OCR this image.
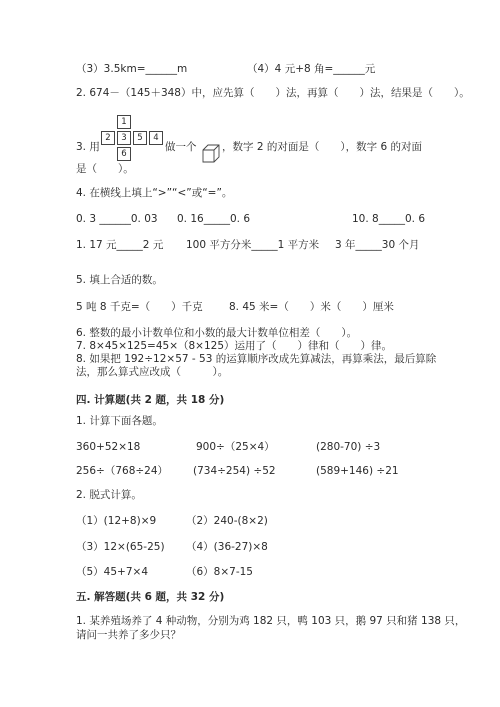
（3）3.5km=______m	（4）4 元+8 角=______元
2. 674－（145＋348）中，应先算（　　）法，再算（　　）法，结果是（　　）。
3. 用
1
2	3	5	4
6
做一个 ，数字 2 的对面是（　　），数字 6 的对面
是（　　）。
4. 在横线上填上“>”“<”或“=”。
0. 3 ______0. 03 0. 16_____0. 6	10. 8_____0. 6
1. 17 元_____2 元 100 平方分米_____1 平方米 3 年_____30 个月
5. 填上合适的数。
5 吨 8 千克=（　　）千克	8. 45 米=（　　）米（　　）厘米
6. 整数的最小计数单位和小数的最大计数单位相差（　　）。
7. 8×45×125=45×（8×125）运用了（　　）律和（　　）律。
8. 如果把 192÷12×57 - 53 的运算顺序改成先算减法，再算乘法，最后算除
法，那么算式应改成（　　　）。
四. 计算题(共 2 题，共 18 分)
1. 计算下面各题。
360+52×18	900÷（25×4）	(280-70) ÷3
256÷（768÷24） (734÷254) ÷52	(589+146) ÷21
2. 脱式计算。
（1）(12+8)×9	（2）240-(8×2)
（3）12×(65-25) （4）(36-27)×8
（5）45+7×4	（6）8×7-15
五. 解答题(共 6 题，共 32 分)
1. 某养殖场养了 4 种动物，分别为鸡 182 只，鸭 103 只，鹅 97 只和猪 138 只，
请问一共养了多少只？
